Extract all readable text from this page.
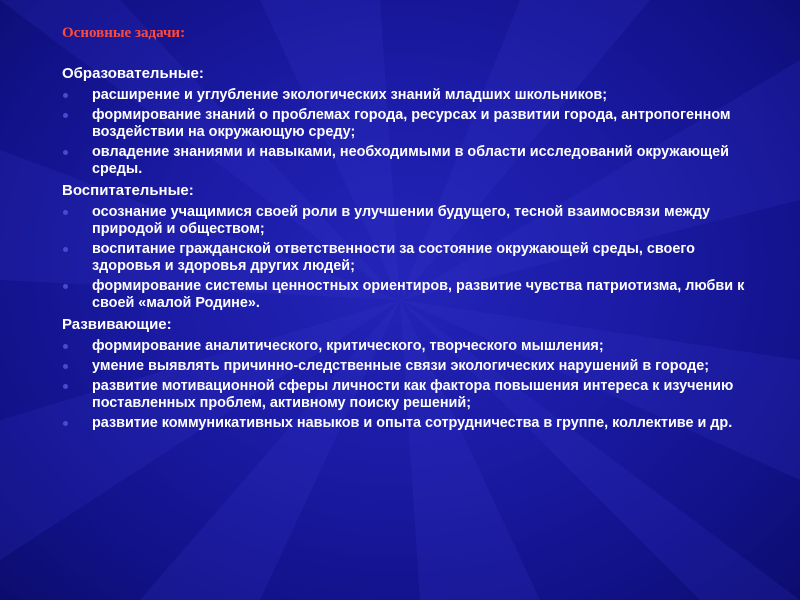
Основные задачи:
Образовательные:
расширение и углубление экологических знаний младших школьников;
формирование знаний о проблемах города, ресурсах и развитии города, антропогенном воздействии на окружающую среду;
овладение знаниями и навыками, необходимыми в области исследований окружающей среды.
Воспитательные:
осознание учащимися своей роли в улучшении будущего, тесной взаимосвязи между природой и обществом;
воспитание гражданской ответственности за состояние окружающей среды, своего здоровья и здоровья других людей;
формирование системы ценностных ориентиров, развитие чувства патриотизма, любви к своей «малой Родине».
Развивающие:
формирование аналитического, критического, творческого мышления;
умение выявлять причинно-следственные связи экологических нарушений в городе;
развитие мотивационной сферы личности как фактора повышения интереса к изучению поставленных проблем, активному поиску решений;
развитие коммуникативных навыков и опыта сотрудничества в группе, коллективе и др.
